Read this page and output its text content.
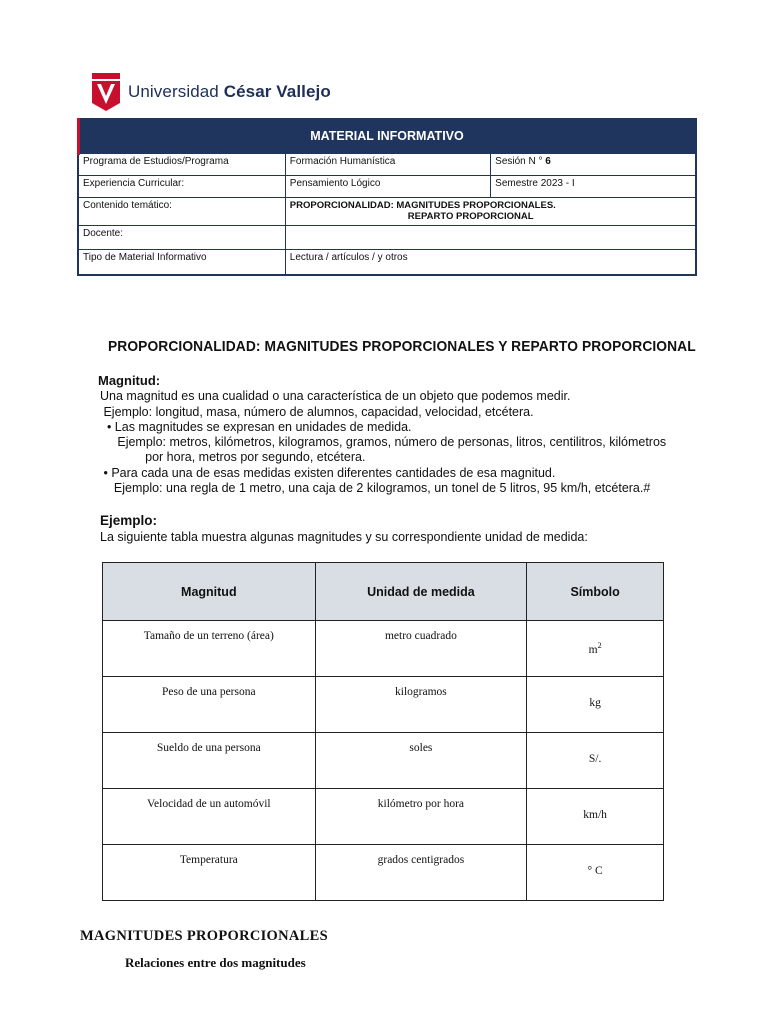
Universidad César Vallejo
MATERIAL INFORMATIVO		
Programa de Estudios/Programa	Formación Humanística	Sesión N ° 6
Experiencia Curricular:	Pensamiento Lógico	Semestre 2023 - I
Contenido temático:	PROPORCIONALIDAD: MAGNITUDES PROPORCIONALES.
REPARTO PROPORCIONAL	

Docente:		
Tipo de Material Informativo	Lectura / artículos / y otros	
PROPORCIONALIDAD: MAGNITUDES PROPORCIONALES Y REPARTO PROPORCIONAL
Magnitud:
Una magnitud es una cualidad o una característica de un objeto que podemos medir.
Ejemplo: longitud, masa, número de alumnos, capacidad, velocidad, etcétera.
• Las magnitudes se expresan en unidades de medida.
Ejemplo: metros, kilómetros, kilogramos, gramos, número de personas, litros, centilitros, kilómetros
por hora, metros por segundo, etcétera.
• Para cada una de esas medidas existen diferentes cantidades de esa magnitud.
Ejemplo: una regla de 1 metro, una caja de 2 kilogramos, un tonel de 5 litros, 95 km/h, etcétera.#
Ejemplo:
La siguiente tabla muestra algunas magnitudes y su correspondiente unidad de medida:
Magnitud	Unidad de medida	Símbolo

Tamaño de un terreno (área)	metro cuadrado	$m^2$

Peso de una persona	kilogramos	kg

Sueldo de una persona	soles	S/.

Velocidad de un automóvil	kilómetro por hora	km/h

Temperatura	grados centigrados	° C
MAGNITUDES PROPORCIONALES
Relaciones entre dos magnitudes
